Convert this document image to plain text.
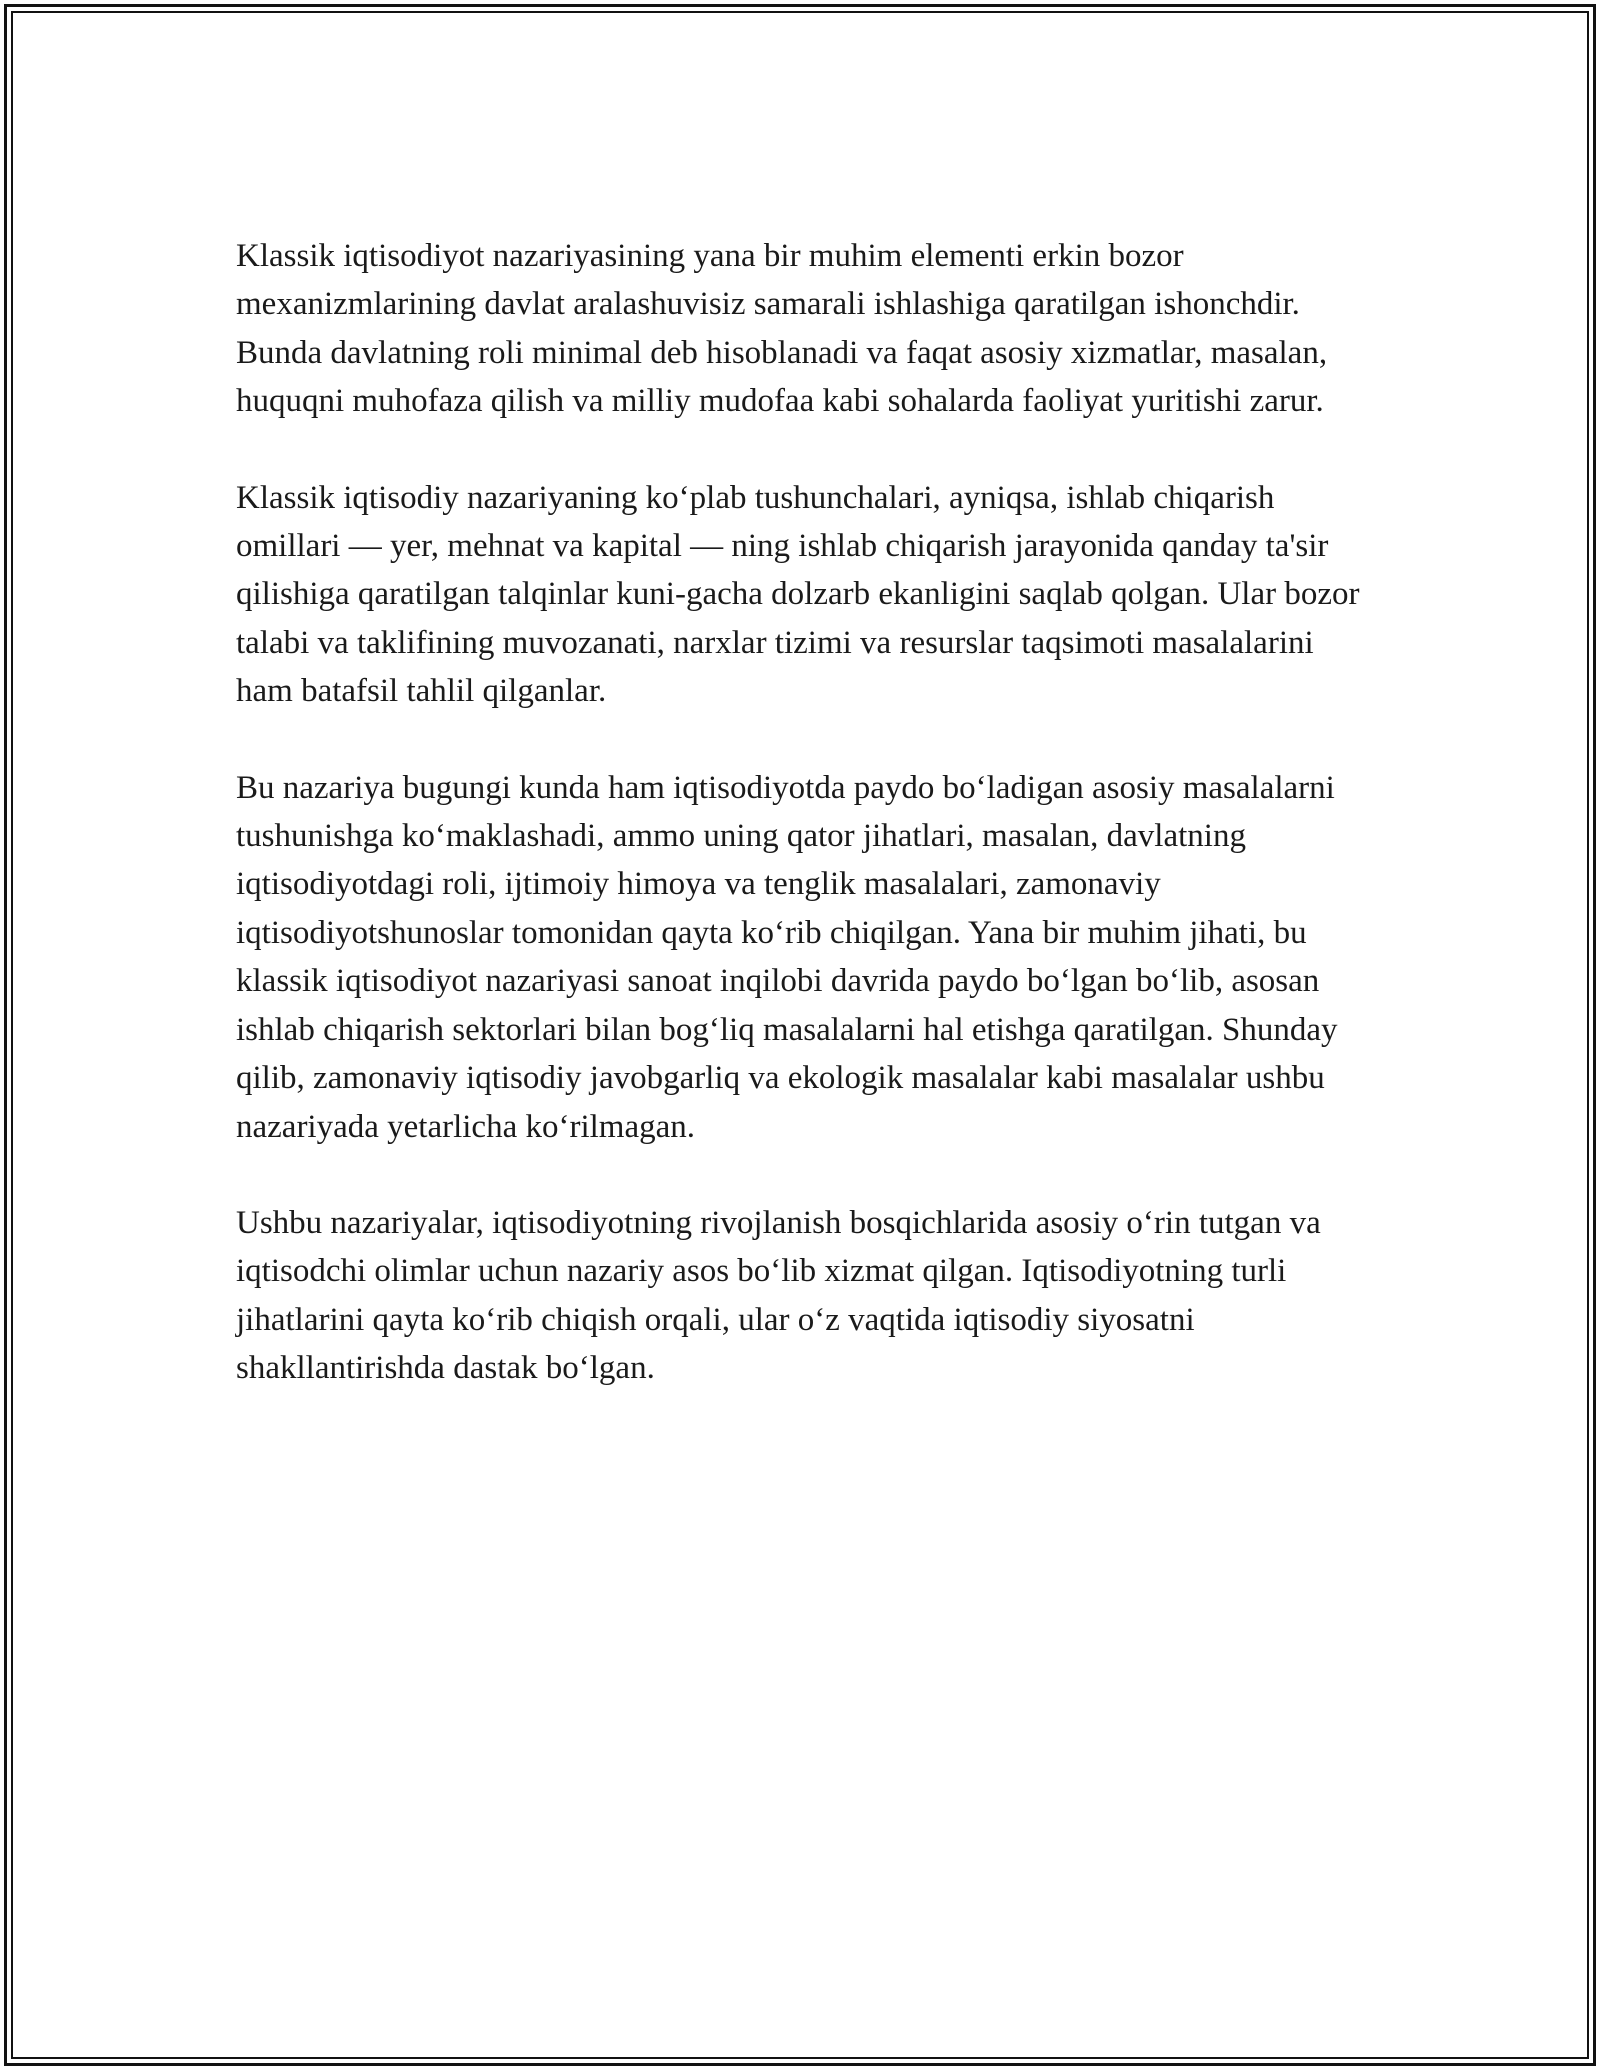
Klassik iqtisodiyot nazariyasining yana bir muhim elementi erkin bozor mexanizmlarining davlat aralashuvisiz samarali ishlashiga qaratilgan ishonchdir. Bunda davlatning roli minimal deb hisoblanadi va faqat asosiy xizmatlar, masalan, huquqni muhofaza qilish va milliy mudofaa kabi sohalarda faoliyat yuritishi zarur.

Klassik iqtisodiy nazariyaning koʻplab tushunchalari, ayniqsa, ishlab chiqarish omillari — yer, mehnat va kapital — ning ishlab chiqarish jarayonida qanday ta'sir qilishiga qaratilgan talqinlar kuni-gacha dolzarb ekanligini saqlab qolgan. Ular bozor talabi va taklifining muvozanati, narxlar tizimi va resurslar taqsimoti masalalarini ham batafsil tahlil qilganlar.

Bu nazariya bugungi kunda ham iqtisodiyotda paydo boʻladigan asosiy masalalarni tushunishga koʻmaklashadi, ammo uning qator jihatlari, masalan, davlatning iqtisodiyotdagi roli, ijtimoiy himoya va tenglik masalalari, zamonaviy iqtisodiyotshunoslar tomonidan qayta koʻrib chiqilgan. Yana bir muhim jihati, bu klassik iqtisodiyot nazariyasi sanoat inqilobi davrida paydo boʻlgan boʻlib, asosan ishlab chiqarish sektorlari bilan bogʻliq masalalarni hal etishga qaratilgan. Shunday qilib, zamonaviy iqtisodiy javobgarliq va ekologik masalalar kabi masalalar ushbu nazariyada yetarlicha koʻrilmagan.

Ushbu nazariyalar, iqtisodiyotning rivojlanish bosqichlarida asosiy oʻrin tutgan va iqtisodchi olimlar uchun nazariy asos boʻlib xizmat qilgan. Iqtisodiyotning turli jihatlarini qayta koʻrib chiqish orqali, ular oʻz vaqtida iqtisodiy siyosatni shakllantirishda dastak boʻlgan.
